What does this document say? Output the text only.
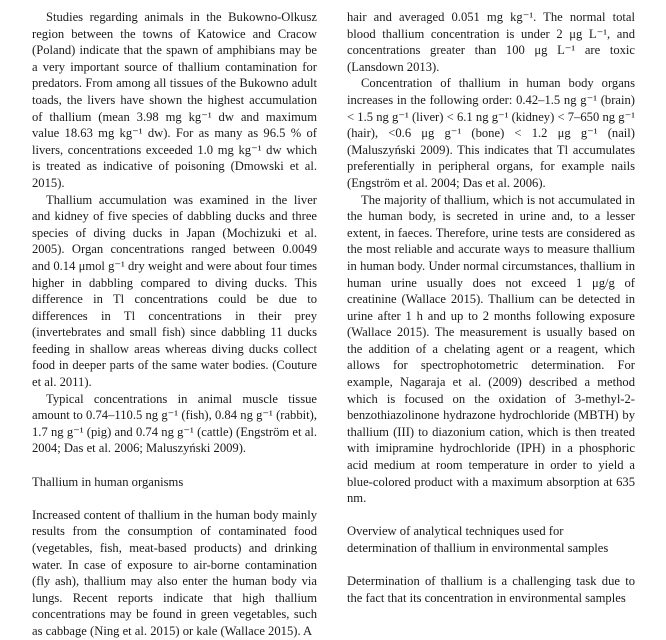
Studies regarding animals in the Bukowno-Olkusz region between the towns of Katowice and Cracow (Poland) indicate that the spawn of amphibians may be a very important source of thallium contamination for predators. From among all tissues of the Bukowno adult toads, the livers have shown the highest accumulation of thallium (mean 3.98 mg kg⁻¹ dw and maximum value 18.63 mg kg⁻¹ dw). For as many as 96.5 % of livers, concentrations exceeded 1.0 mg kg⁻¹ dw which is treated as indicative of poisoning (Dmowski et al. 2015).

Thallium accumulation was examined in the liver and kidney of five species of dabbling ducks and three species of diving ducks in Japan (Mochizuki et al. 2005). Organ concentrations ranged between 0.0049 and 0.14 μmol g⁻¹ dry weight and were about four times higher in dabbling compared to diving ducks. This difference in Tl concentrations could be due to differences in Tl concentrations in their prey (invertebrates and small fish) since dabbling 11 ducks feeding in shallow areas whereas diving ducks collect food in deeper parts of the same water bodies. (Couture et al. 2011).

Typical concentrations in animal muscle tissue amount to 0.74–110.5 ng g⁻¹ (fish), 0.84 ng g⁻¹ (rabbit), 1.7 ng g⁻¹ (pig) and 0.74 ng g⁻¹ (cattle) (Engström et al. 2004; Das et al. 2006; Maluszyński 2009).

Thallium in human organisms

Increased content of thallium in the human body mainly results from the consumption of contaminated food (vegetables, fish, meat-based products) and drinking water. In case of exposure to air-borne contamination (fly ash), thallium may also enter the human body via lungs. Recent reports indicate that high thallium concentrations may be found in green vegetables, such as cabbage (Ning et al. 2015) or kale (Wallace 2015). A

hair and averaged 0.051 mg kg⁻¹. The normal total blood thallium concentration is under 2 μg L⁻¹, and concentrations greater than 100 μg L⁻¹ are toxic (Lansdown 2013).

Concentration of thallium in human body organs increases in the following order: 0.42–1.5 ng g⁻¹ (brain) < 1.5 ng g⁻¹ (liver) < 6.1 ng g⁻¹ (kidney) < 7–650 ng g⁻¹ (hair), <0.6 μg g⁻¹ (bone) < 1.2 μg g⁻¹ (nail) (Maluszyński 2009). This indicates that Tl accumulates preferentially in peripheral organs, for example nails (Engström et al. 2004; Das et al. 2006).

The majority of thallium, which is not accumulated in the human body, is secreted in urine and, to a lesser extent, in faeces. Therefore, urine tests are considered as the most reliable and accurate ways to measure thallium in human body. Under normal circumstances, thallium in human urine usually does not exceed 1 μg/g of creatinine (Wallace 2015). Thallium can be detected in urine after 1 h and up to 2 months following exposure (Wallace 2015). The measurement is usually based on the addition of a chelating agent or a reagent, which allows for spectrophotometric determination. For example, Nagaraja et al. (2009) described a method which is focused on the oxidation of 3-methyl-2-benzothiazolinone hydrazone hydrochloride (MBTH) by thallium (III) to diazonium cation, which is then treated with imipramine hydrochloride (IPH) in a phosphoric acid medium at room temperature in order to yield a blue-colored product with a maximum absorption at 635 nm.

Overview of analytical techniques used for determination of thallium in environmental samples

Determination of thallium is a challenging task due to the fact that its concentration in environmental samples
